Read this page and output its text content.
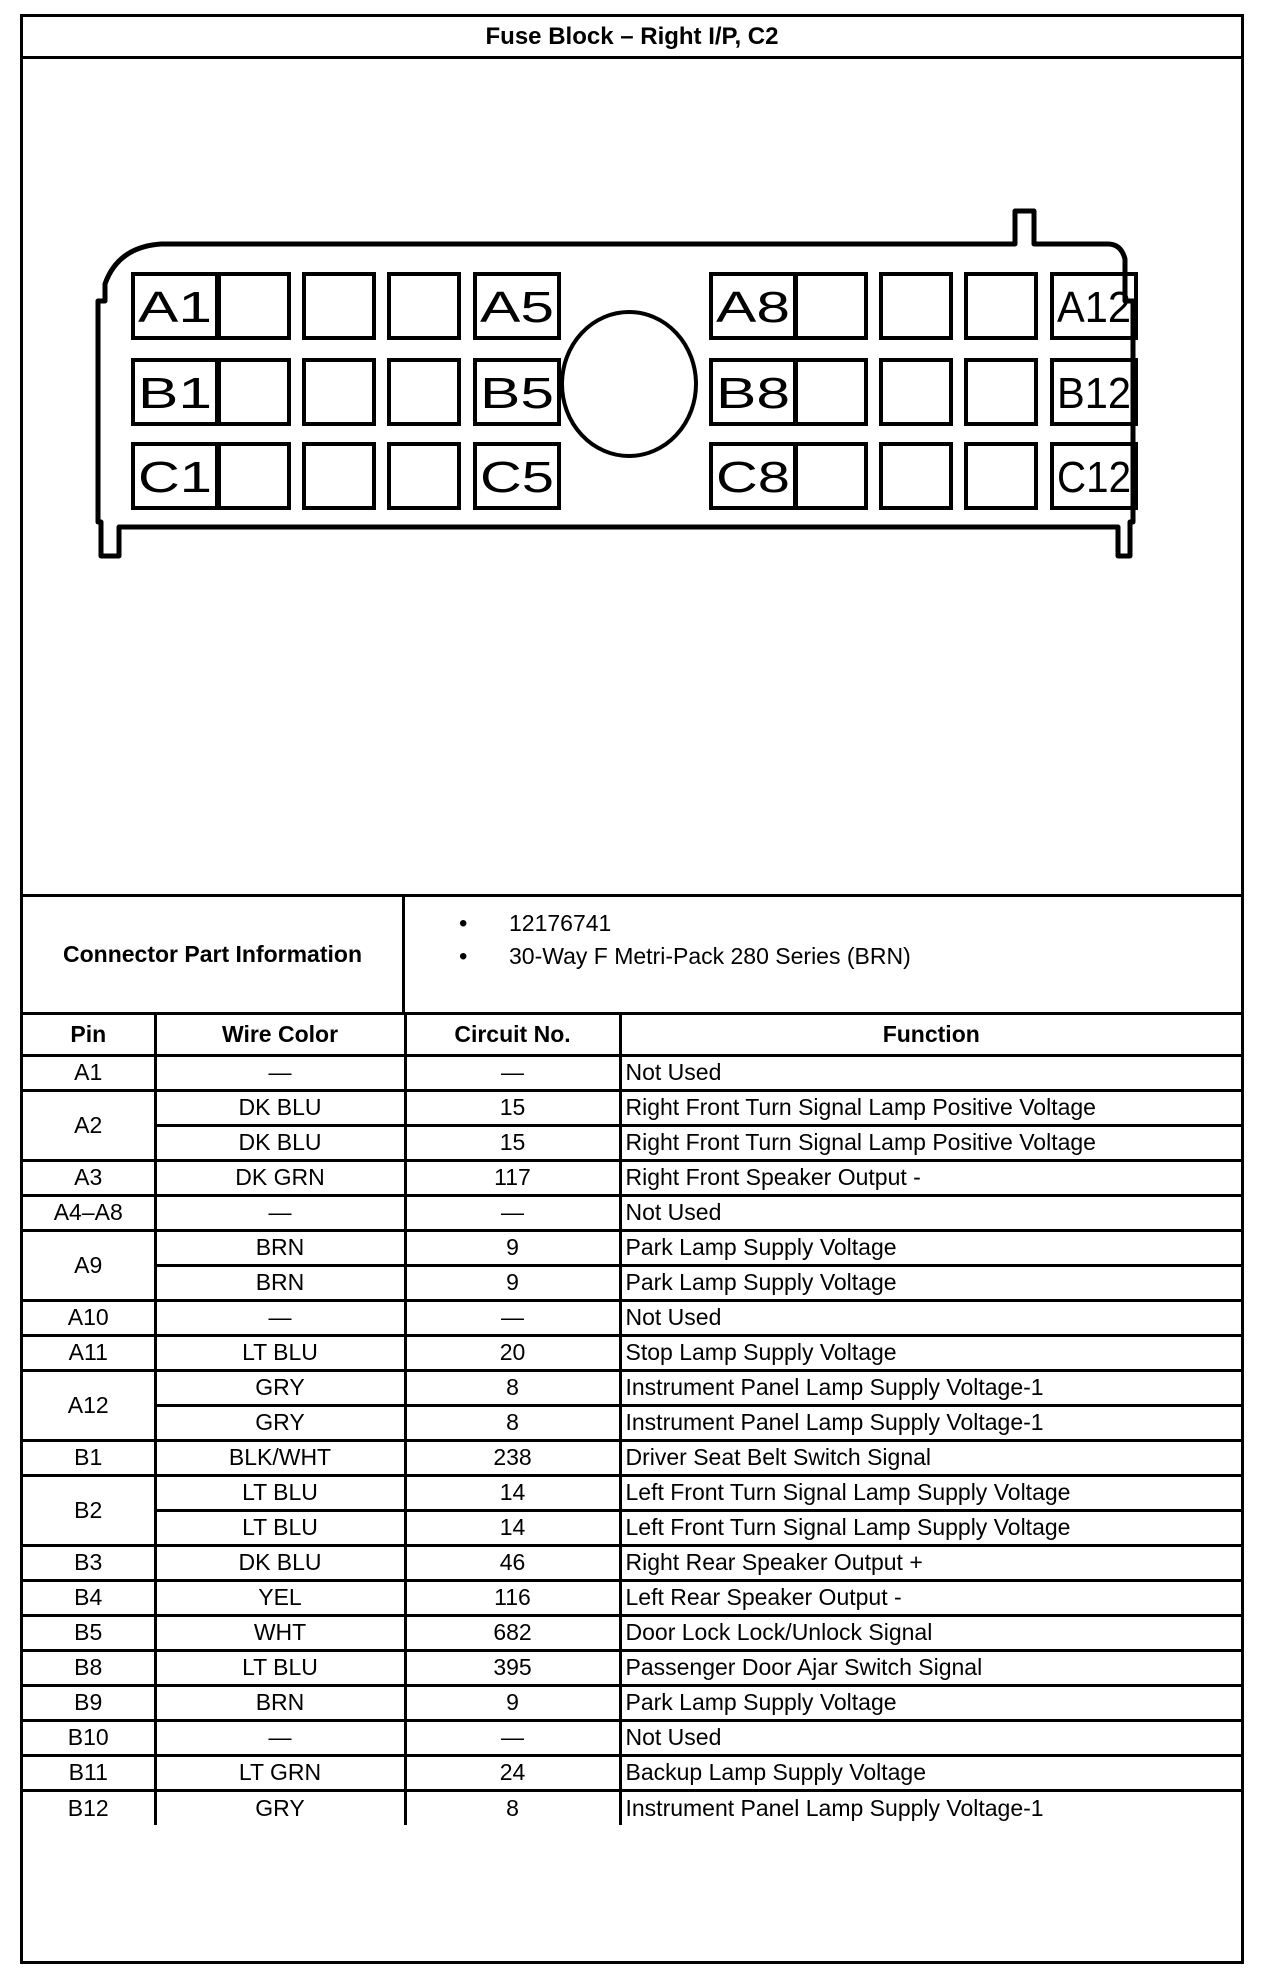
Fuse Block – Right I/P, C2
A1	A5	A8	A12
B1	B5	B8	B12
C1	C5	C8	C12
Connector Part Information
• 12176741
• 30-Way F Metri-Pack 280 Series (BRN)
Pin	Wire Color	Circuit No.	Function
A1	—	—	Not Used
A2	DK BLU	15	Right Front Turn Signal Lamp Positive Voltage
	DK BLU	15	Right Front Turn Signal Lamp Positive Voltage
A3	DK GRN	117	Right Front Speaker Output -
A4–A8	—	—	Not Used
A9	BRN	9	Park Lamp Supply Voltage
	BRN	9	Park Lamp Supply Voltage
A10	—	—	Not Used
A11	LT BLU	20	Stop Lamp Supply Voltage
A12	GRY	8	Instrument Panel Lamp Supply Voltage-1
	GRY	8	Instrument Panel Lamp Supply Voltage-1
B1	BLK/WHT	238	Driver Seat Belt Switch Signal
B2	LT BLU	14	Left Front Turn Signal Lamp Supply Voltage
	LT BLU	14	Left Front Turn Signal Lamp Supply Voltage
B3	DK BLU	46	Right Rear Speaker Output +
B4	YEL	116	Left Rear Speaker Output -
B5	WHT	682	Door Lock Lock/Unlock Signal
B8	LT BLU	395	Passenger Door Ajar Switch Signal
B9	BRN	9	Park Lamp Supply Voltage
B10	—	—	Not Used
B11	LT GRN	24	Backup Lamp Supply Voltage
B12	GRY	8	Instrument Panel Lamp Supply Voltage-1
